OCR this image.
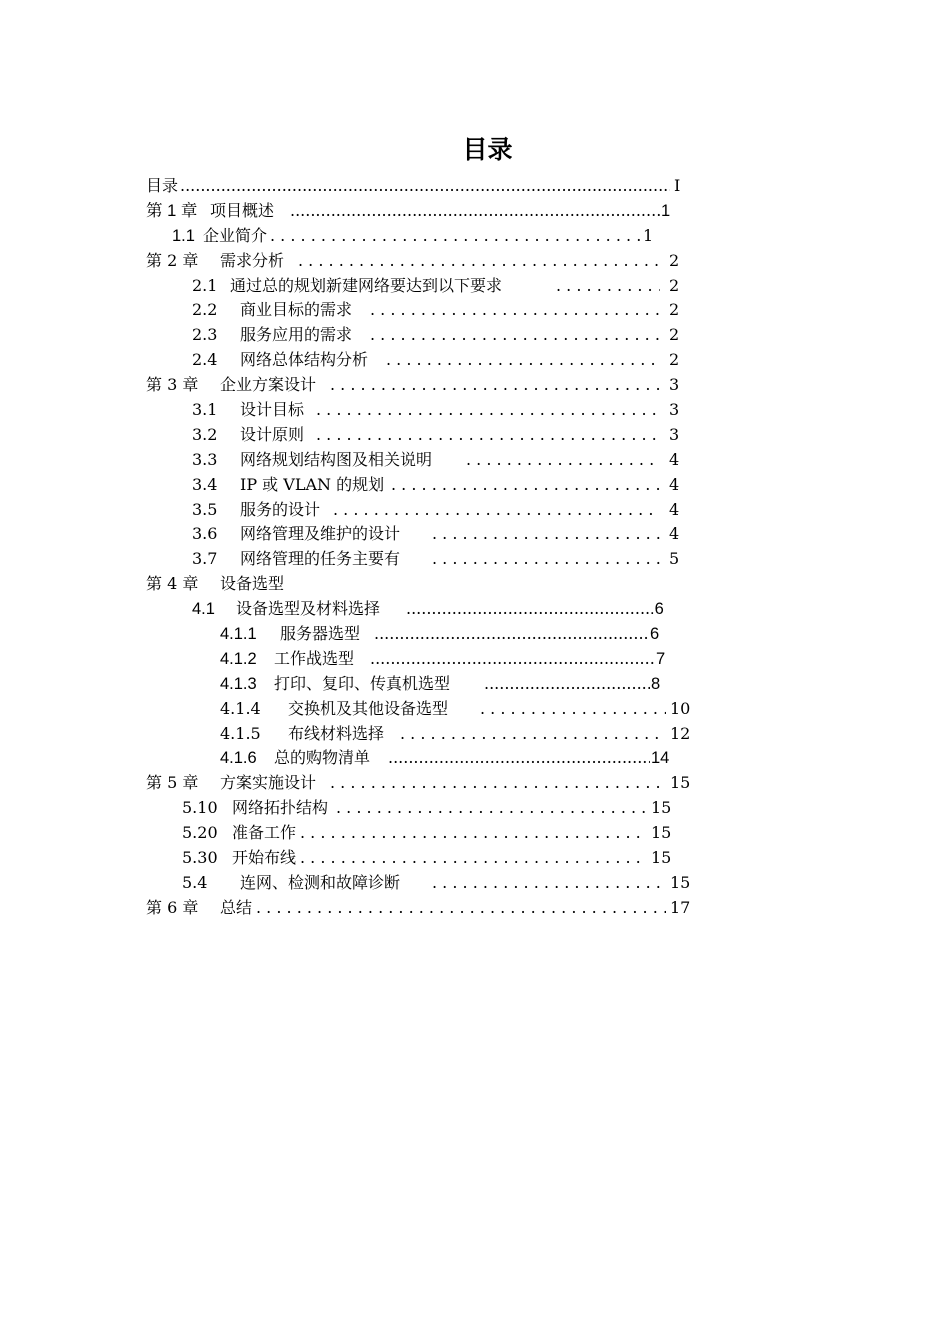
目录
目录 .....	I
第 1 章 项目概述 .....	1
1.1 企业简介 . . .	1
第 2 章 需求分析 . . .	2
2.1 通过总的规划新建网络要达到以下要求 . . .	2
2.2 商业目标的需求 . . .	2
2.3 服务应用的需求 . . .	2
2.4 网络总体结构分析 . . .	2
第 3 章 企业方案设计 . . .	3
3.1 设计目标 . . .	3
3.2 设计原则 . . .	3
3.3 网络规划结构图及相关说明 . . .	4
3.4 IP 或 VLAN 的规划 . . .	4
3.5 服务的设计 . . .	4
3.6 网络管理及维护的设计 . . .	4
3.7 网络管理的任务主要有 . . .	5
第 4 章 设备选型
4.1 设备选型及材料选择 .....	.6
4.1.1 服务器选型 .....	6
4.1.2 工作战选型 .....	7
4.1.3 打印、复印、传真机选型 .....	8
4.1.4 交换机及其他设备选型 . . .	10
4.1.5 布线材料选择 . . .	12
4.1.6 总的购物清单 .....	14
第 5 章 方案实施设计 . . .	15
5.10 网络拓扑结构 . . .	15
5.20 准备工作 . . .	15
5.30 开始布线 . . .	15
5.4 连网、检测和故障诊断 . . .	15
第 6 章 总结 . . .	17
